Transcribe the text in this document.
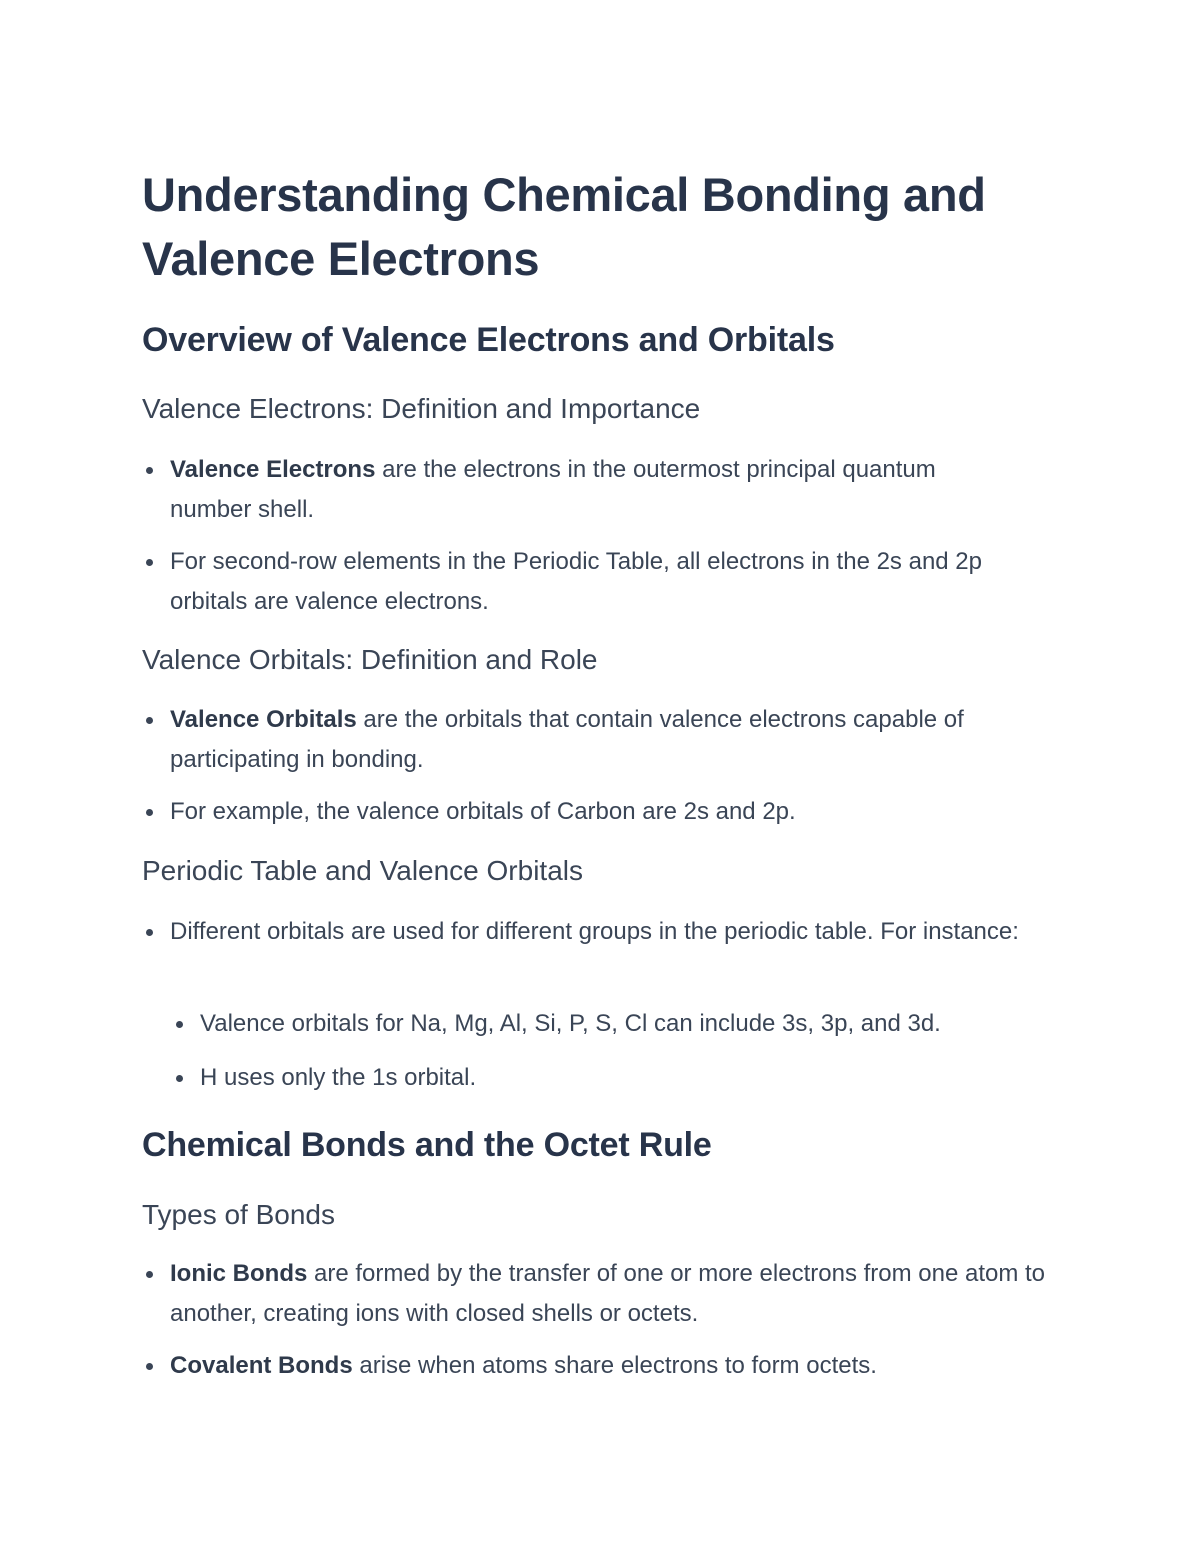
Understanding Chemical Bonding and Valence Electrons
Overview of Valence Electrons and Orbitals
Valence Electrons: Definition and Importance
Valence Electrons are the electrons in the outermost principal quantum number shell.
For second-row elements in the Periodic Table, all electrons in the 2s and 2p orbitals are valence electrons.
Valence Orbitals: Definition and Role
Valence Orbitals are the orbitals that contain valence electrons capable of participating in bonding.
For example, the valence orbitals of Carbon are 2s and 2p.
Periodic Table and Valence Orbitals
Different orbitals are used for different groups in the periodic table. For instance:
Valence orbitals for Na, Mg, Al, Si, P, S, Cl can include 3s, 3p, and 3d.
H uses only the 1s orbital.
Chemical Bonds and the Octet Rule
Types of Bonds
Ionic Bonds are formed by the transfer of one or more electrons from one atom to another, creating ions with closed shells or octets.
Covalent Bonds arise when atoms share electrons to form octets.
